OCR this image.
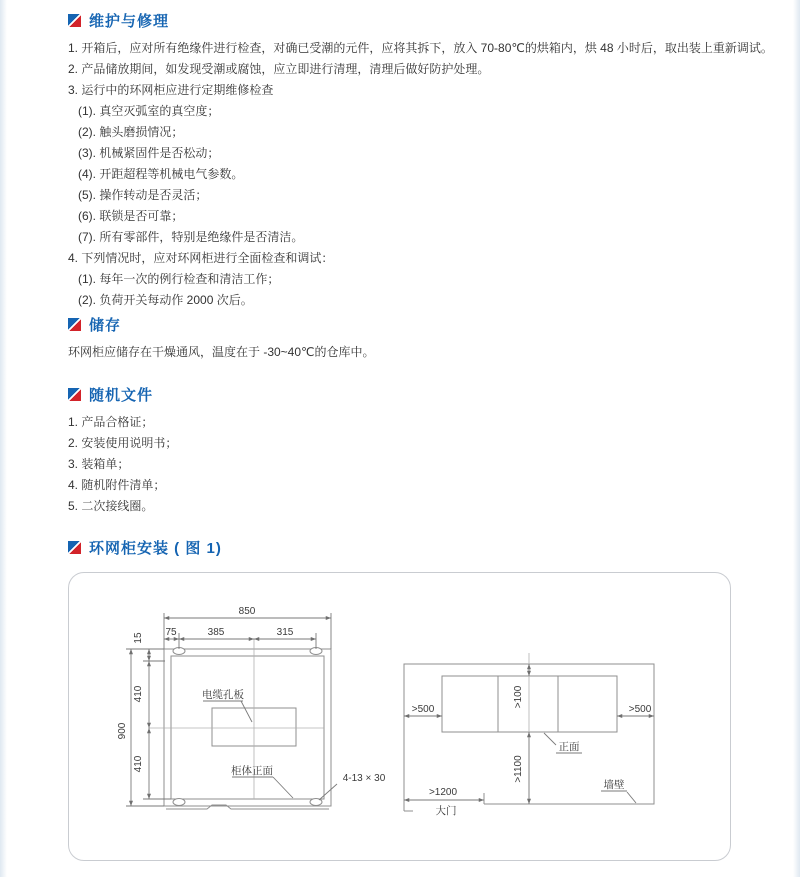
维护与修理
1. 开箱后，应对所有绝缘件进行检查，对确已受潮的元件，应将其拆下，放入 70-80℃的烘箱内，烘 48 小时后，取出装上重新调试。
2. 产品储放期间，如发现受潮或腐蚀，应立即进行清理，清理后做好防护处理。
3. 运行中的环网柜应进行定期维修检查
(1). 真空灭弧室的真空度；
(2). 触头磨损情况；
(3). 机械紧固件是否松动；
(4). 开距超程等机械电气参数。
(5). 操作转动是否灵活；
(6). 联锁是否可靠；
(7). 所有零部件，特别是绝缘件是否清洁。
4. 下列情况时，应对环网柜进行全面检查和调试：
(1). 每年一次的例行检查和清洁工作；
(2). 负荷开关每动作 2000 次后。
储存
环网柜应储存在干燥通风，温度在于 -30~40℃的仓库中。
随机文件
1. 产品合格证；
2. 安装使用说明书；
3. 装箱单；
4. 随机附件清单；
5. 二次接线圈。
环网柜安装 ( 图 1)
850
75	385	315
15
410
900
410
电缆孔板
柜体正面
4-13 × 30
>500	>500
>100
>1100
>1200
大门
正面
墙壁
